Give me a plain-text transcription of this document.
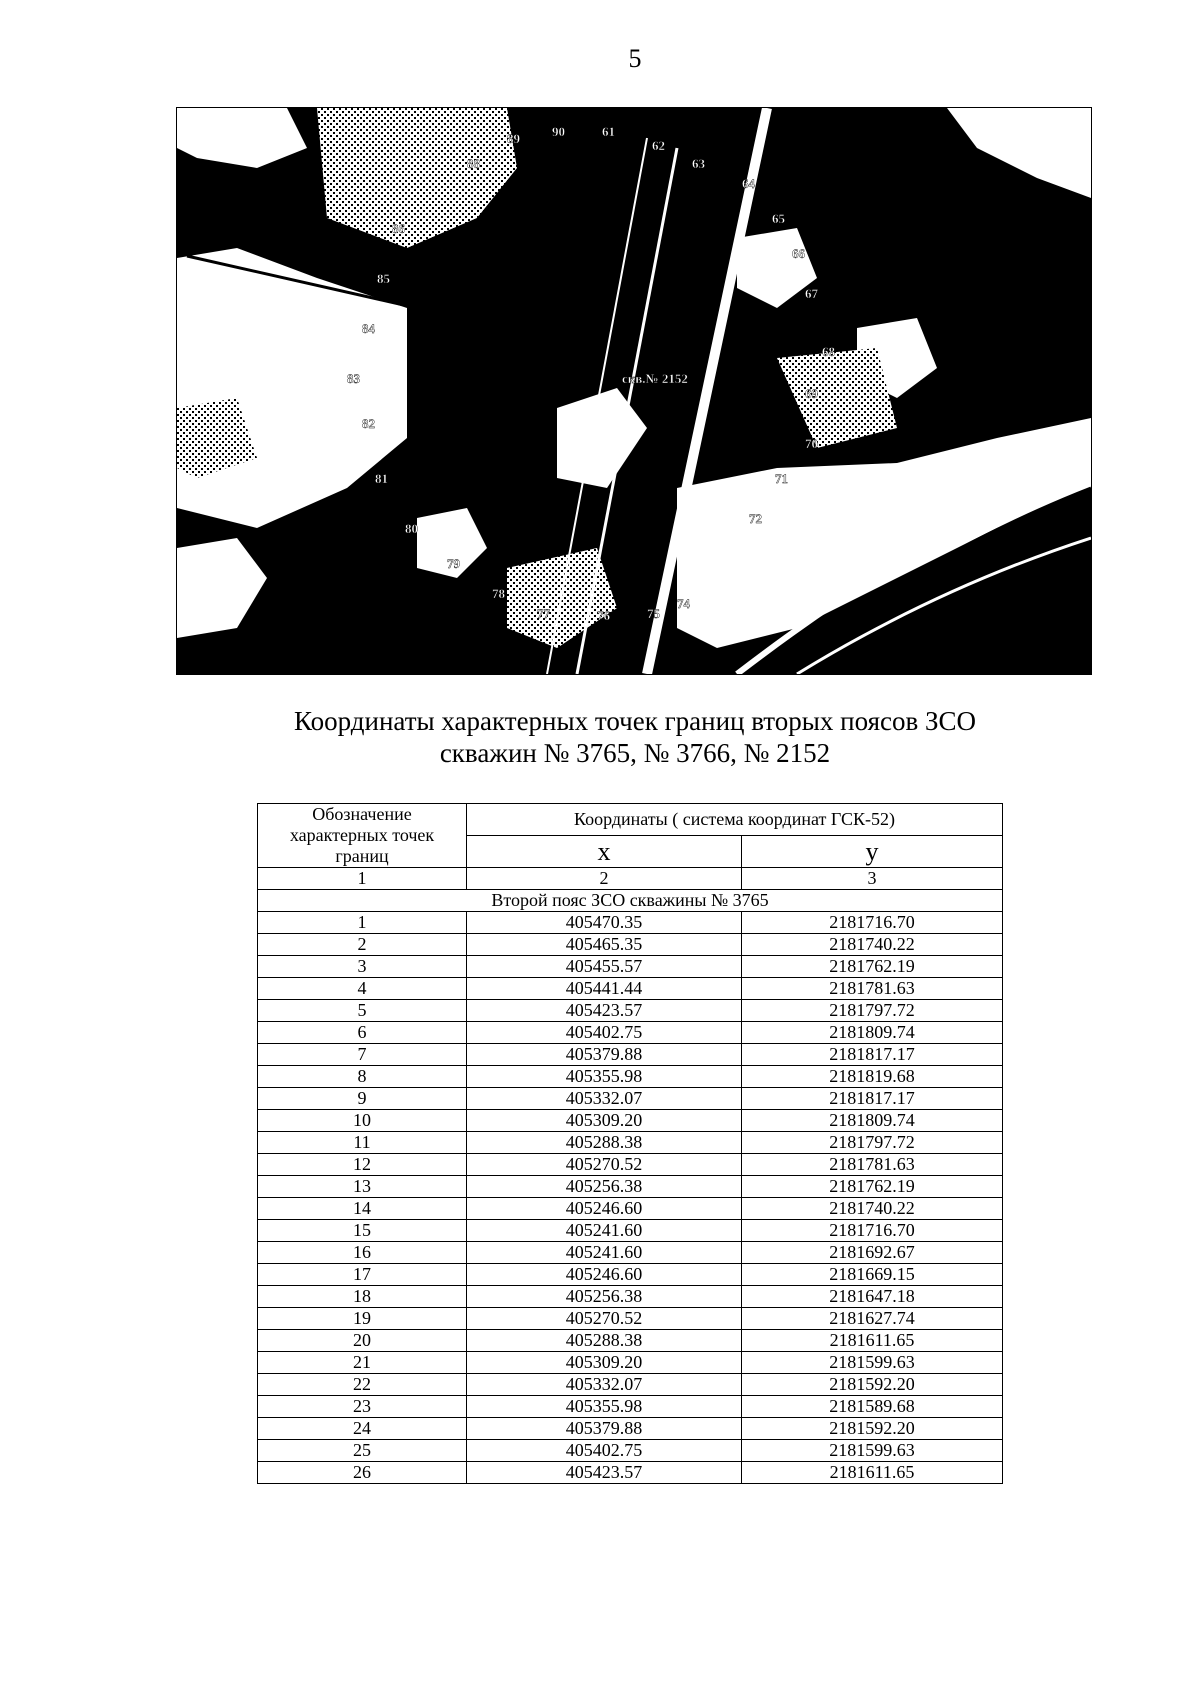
5
89 90	61
62
63
64
65
66
67
68
69
70
71
72
74
75
76
77
78
79
80
81
82
83
84
85
86
88
скв.№ 2152
Координаты характерных точек границ вторых поясов ЗСО
скважин № 3765, № 3766, № 2152
Обозначение характерных точек границ	Координаты ( система координат ГСК-52)	
	x	y
1	2	3
Второй пояс ЗСО скважины № 3765		
1	405470.35	2181716.70
2	405465.35	2181740.22
3	405455.57	2181762.19
4	405441.44	2181781.63
5	405423.57	2181797.72
6	405402.75	2181809.74
7	405379.88	2181817.17
8	405355.98	2181819.68
9	405332.07	2181817.17
10	405309.20	2181809.74
11	405288.38	2181797.72
12	405270.52	2181781.63
13	405256.38	2181762.19
14	405246.60	2181740.22
15	405241.60	2181716.70
16	405241.60	2181692.67
17	405246.60	2181669.15
18	405256.38	2181647.18
19	405270.52	2181627.74
20	405288.38	2181611.65
21	405309.20	2181599.63
22	405332.07	2181592.20
23	405355.98	2181589.68
24	405379.88	2181592.20
25	405402.75	2181599.63
26	405423.57	2181611.65
